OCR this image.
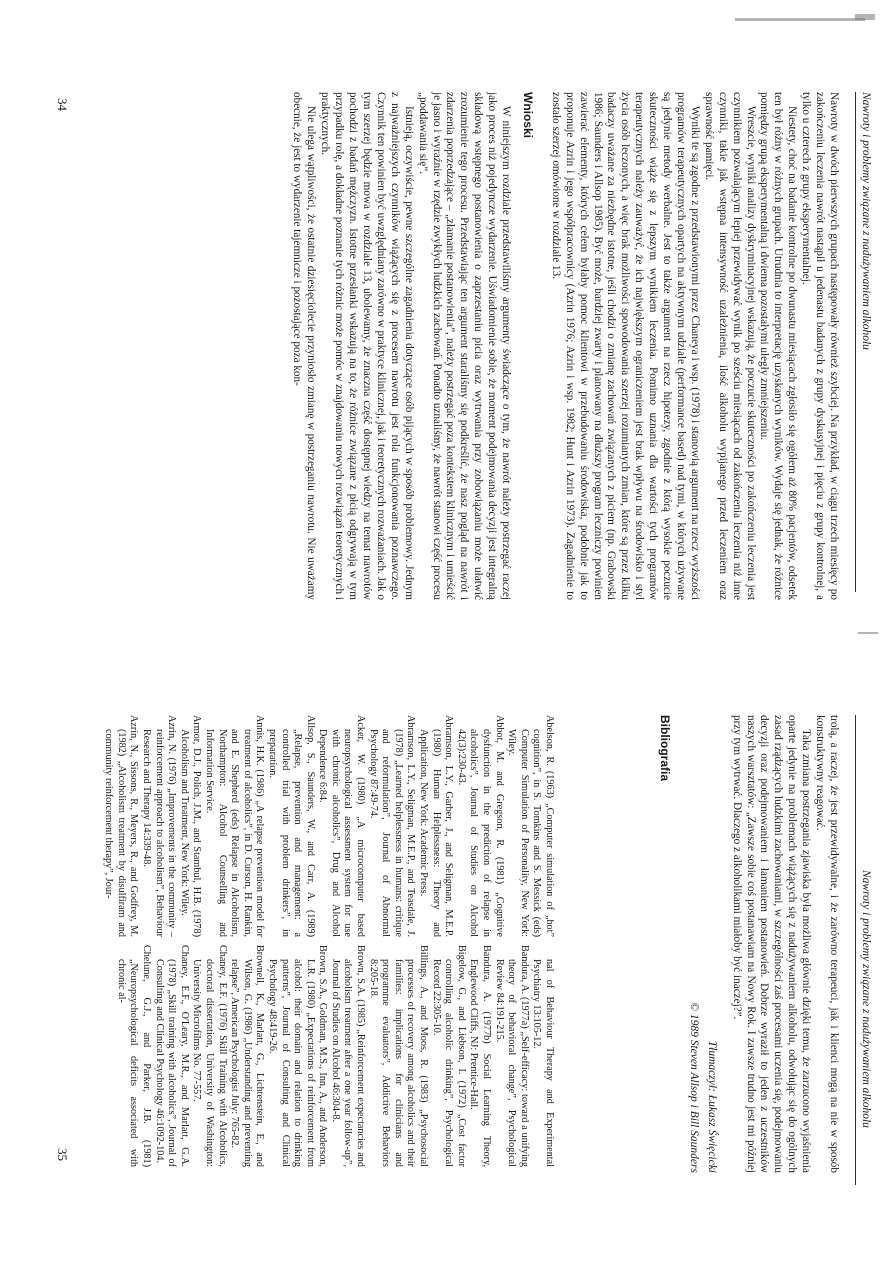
Nawroty i problemy związane z nadużywaniem alkoholu

Nawroty w dwóch pierwszych grupach następowały również szybciej. Na przykład, w ciągu trzech miesięcy po zakończeniu leczenia nawrót nastąpił u jedenastu badanych z grupy dyskusyjnej i pięciu z grupy kontrolnej, a tylko u czterech z grupy eksperymentalnej.

Niestety, choć na badanie kontrolne po dwunastu miesiącach zgłosiło się ogółem aż 80% pacjentów, odsetek ten był różny w różnych grupach. Utrudnia to interpretację uzyskanych wyników. Wydaje się jednak, że różnice pomiędzy grupą eksperymentalną i dwiema pozostałymi uległy zmniejszeniu.

Wreszcie, wyniki analizy dyskryminacyjnej wskazują, że poczucie skuteczności po zakończeniu leczenia jest czynnikiem pozwalającym lepiej przewidywać wynik po sześciu miesiącach od zakończenia leczenia niż inne czynniki, takie jak wstępna intensywność uzależnienia, ilość alkoholu wypijanego przed leczeniem oraz sprawność pamięci.

Wyniki te są zgodne z przedstawionymi przez Chaneya i wsp. (1978) i stanowią argument na rzecz wyższości programów terapeutycznych opartych na aktywnym udziale (performance based) nad tymi, w których używane są jedynie metody werbalne. Jest to także argument na rzecz hipotezy, zgodnie z którą wysokie poczucie skuteczności wiąże się z lepszym wynikiem leczenia. Pomimo uznania dla wartości tych programów terapeutycznych należy zauważyć, że ich największym ograniczeniem jest brak wpływu na środowisko i styl życia osób leczonych, a więc brak możliwości spowodowania szerzej rozumianych zmian, które są przez kilku badaczy uważane za niezbędne istotne, jeśli chodzi o zmianę zachowań związanych z piciem (np. Grabowski 1986; Saunders i Allsop 1985). Być może, bardziej zwarty i planowany na dłuższy program leczniczy powinien zawierać elementy, których celem byłaby pomoc klientowi w przebudowaniu środowiska, podobnie jak to proponuje Azrin i jego współpracownicy (Azrin 1976; Azrin i wsp. 1982; Hunt i Azrin 1973). Zagadnienie to zostało szerzej omówione w rozdziale 13.

Wnioski

W niniejszym rozdziale przedstawiliśmy argumenty świadczące o tym, że nawrót należy postrzegać raczej jako proces niż pojedyncze wydarzenie. Uświadomienie sobie, że moment podejmowania decyzji jest integralną składową wstępnego postanowienia o zaprzestaniu picia oraz wytrwania przy zobowiązaniu może ułatwić zrozumienie tego procesu. Przedstawiając ten argument staraliśmy się podkreślić, że nasz pogląd na nawrót i zdarzenia poprzedzające – „złamanie postanowienia”, należy postrzegać poza kontekstem klinicznym i umieścić je jasno i wyraźnie w rzędzie zwykłych ludzkich zachowań. Ponadto uznaliśmy, że nawrót stanowi część procesu „poddawania się”.

Istnieją, oczywiście, pewne szczególne zagadnienia dotyczące osób pijących w sposób problemowy. Jednym z najważniejszych czynników wiążących się z procesem nawrotu jest rola funkcjonowania poznawczego. Czynnik ten powinien być uwzględniany zarówno w praktyce klinicznej, jak i teoretycznych rozważaniach. Jak o tym szerzej będzie mowa w rozdziale 13, ubolewamy, że znaczna część dostępnej wiedzy na temat nawrotów pochodzi z badań mężczyzn. Istotne przesłanki wskazują na to, że różnice związane z płcią odgrywają w tym przypadku rolę, a dokładne poznanie tych różnic może pomóc w znajdowaniu nowych rozwiązań teoretycznych i praktycznych.

Nie ulega wątpliwości, że ostatnie dziesięciolecie przyniosło zmianę w postrzeganiu nawrotu. Nie uważamy obecnie, że jest to wydarzenie tajemnicze i pozostające poza kon-

34
Nawroty i problemy związane z nadużywaniem alkoholu

trolą, a raczej, że jest przewidywalne, i że zarówno terapeuci, jak i klienci mogą na nie w sposób konstruktywny reagować.

Taka zmiana postrzegania zjawiska była możliwa głównie dzięki temu, że zarzucono wyjaśnienia oparte jedynie na problemach wiążących się z nadużywaniem alkoholu, odwołując się do ogólnych zasad rządzących ludzkimi zachowaniami, w szczególności zaś procesami uczenia się, podejmowaniu decyzji oraz podejmowaniem i łamaniem postanowień. Dobrze wyraził to jeden z uczestników naszych warsztatów: „Zawsze sobie coś postanawiam na Nowy Rok. I zawsze trudno jest mi później przy tym wytrwać. Dlaczego z alkoholikami miałoby być inaczej?”.

Tłumaczył: Łukasz Święcicki
© 1989 Steven Allsop i Bill Saunders
Bibliografia

Abelson, R. (1963) „Computer simulation of „hot” cognition”, in S. Tomkins and S. Messick (eds) Computer Simulation of Personality, New York: Wiley.

Abbot, M. and Gregson, R. (1981) „Cognitive dysfunction in the prediction of relapse in alcoholics”, Journal of Studies on Alcohol 42(3):230-43.

Abramson, L.Y., Garber, J., and Seligman, M.E.P. (1980) Human Helplessness: Theory and Application, New York: Academic Press.

Abramson, L.Y., Seligman, M.E.P., and Teasdale, J. (1978) „Learned helplessness in humans: critique and reformulation”, Journal of Abnormal Psychology 87:49-74.

Acker, W. (1980) „A microcomputer based neuropsychological assessment system for use with chronic alcoholics”, Drug and Alcohol Dependence 6:84.

Allsop, S., Saunders, W., and Carr, A. (1989) „Relapse, prevention and management: a controlled trial with problem drinkers”, in preparation.

Annis, H.K. (1986) „A relapse prevention model for treatment of alcoholics”, in D. Curson, H. Rankin, and E. Shepherd (eds) Relapse in Alcoholism, Northampton: Alcohol Counselling and Information Service.

Armor, D.J., Polich, J.M., and Stambul, H.B. (1978) Alcoholism and Treatment, New York: Wiley.

Azrin, N. (1976) „Improvements in the community – reinforcement approach to alcoholism”, Behaviour Research and Therapy 14:339-48.

Azrin, N., Sissons, R., Meyers, R., and Godfrey, M. (1982) „Alcoholism treatment by disulfiram and community reinforcement therapy”, Jour-

nal of Behaviour Therapy and Experimental Psychiatry 13:105-12.

Bandura, A. (1977a) „Self-efficacy: toward a unifying theory of behavioral change”, Psychological Review 84:191-215.

Bandura, A. (1977b) Social Learning Theory, Englewood Cliffs, NJ: Prentice-Hall.

Bigelow, G., and Liebson, I. (1972) „Cost factor controlling alcoholic drinking”, Psychological Record 22:305-10.

Billings, A., and Moos, R. (1983) „Psychosocial processes of recovery among alcoholics and their families: implications for clinicians and programme evaluators”, Addictive Behaviors 8:205-18.

Brown, S.A. (1985) „Reinforcement expectancies and alcoholism treatment after a one year follow-up”, Journal of Studies on Alcohol 46:304-8.

Brown, S.A., Goldman, M.S., Inn, A., and Anderson, L.R. (1980) „Expectations of reinforcement from alcohol: their domain and relation to drinking patterns”, Journal of Consulting and Clinical Psychology 48:419-26.

Brownell, K., Marlatt, G., Lichtenstein, E., and Wilson, G. (1986) „Understanding and preventing relapse”, American Psychologist July: 765-82.

Chaney, E.F. (1976) Skill Training with Alcoholics, doctoral dissertation, University of Washington: University Microfilms No. 77-557.

Chaney, E.F., O'Leary, M.R., and Marlatt, G.A. (1978) „Skill training with alcoholics”, Journal of Consulting and Clinical Psychology 46:1092-104.

Chelune, G.J., and Parker, J.B. (1981) „Neuropsychological deficits associated with chronic al-

35
